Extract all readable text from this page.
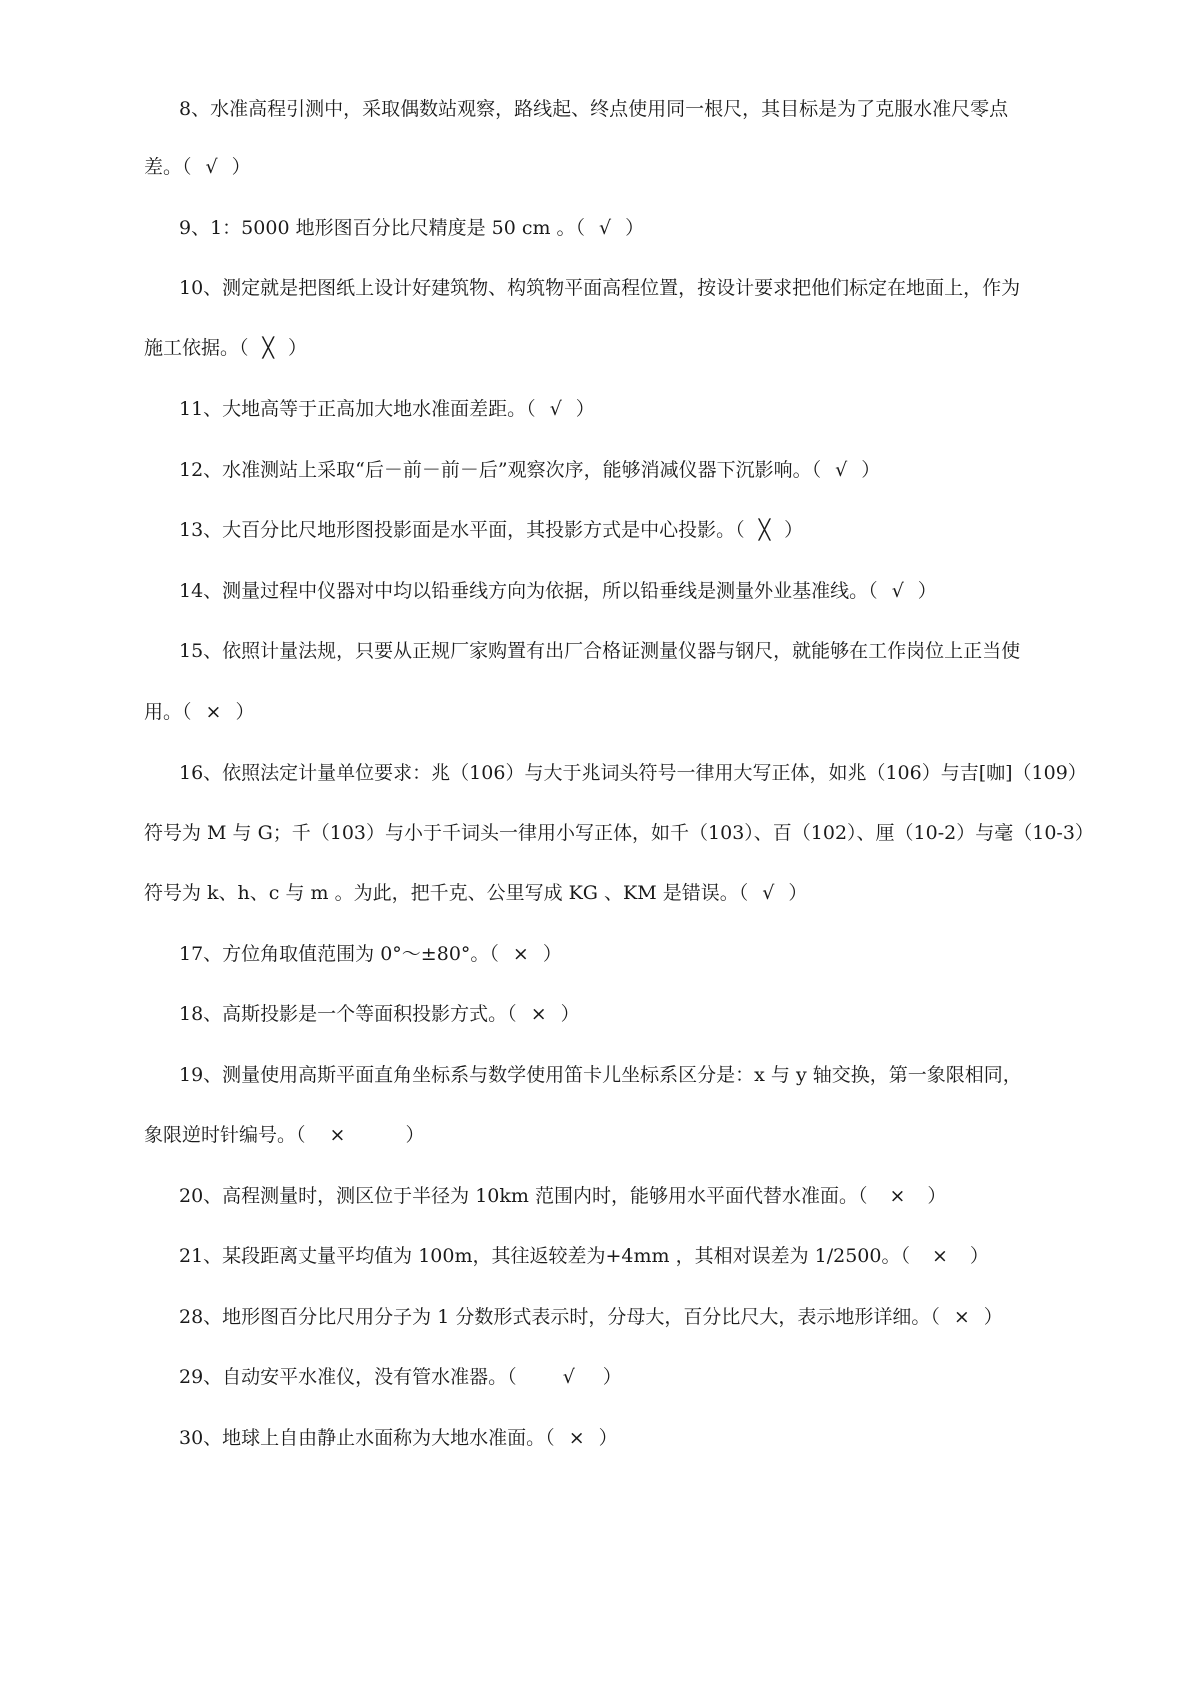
8、水准高程引测中，采取偶数站观察，路线起、终点使用同一根尺，其目标是为了克服水准尺零点
差。（ √ ）
9、1：5000 地形图百分比尺精度是 50 cm 。（ √ ）
10、测定就是把图纸上设计好建筑物、构筑物平面高程位置，按设计要求把他们标定在地面上，作为
施工依据。（ ╳ ）
11、大地高等于正高加大地水准面差距。（ √ ）
12、水准测站上采取“后－前－前－后”观察次序，能够消减仪器下沉影响。（ √ ）
13、大百分比尺地形图投影面是水平面，其投影方式是中心投影。（ ╳ ）
14、测量过程中仪器对中均以铅垂线方向为依据，所以铅垂线是测量外业基准线。（ √ ）
15、依照计量法规，只要从正规厂家购置有出厂合格证测量仪器与钢尺，就能够在工作岗位上正当使
用。（ × ）
16、依照法定计量单位要求：兆（106）与大于兆词头符号一律用大写正体，如兆（106）与吉[咖]（109）
符号为 M 与 G；千（103）与小于千词头一律用小写正体，如千（103）、百（102）、厘（10-2）与毫（10-3）
符号为 k、h、c 与 m 。为此，把千克、公里写成 KG 、KM 是错误。（ √ ）
17、方位角取值范围为 0°～±80°。（ × ）
18、高斯投影是一个等面积投影方式。（ × ）
19、测量使用高斯平面直角坐标系与数学使用笛卡儿坐标系区分是：x 与 y 轴交换，第一象限相同，
象限逆时针编号。（ ×	）
20、高程测量时，测区位于半径为 10km 范围内时，能够用水平面代替水准面。（ × ）
21、某段距离丈量平均值为 100m，其往返较差为+4mm ，其相对误差为 1/2500。（ × ）
28、地形图百分比尺用分子为 1 分数形式表示时，分母大，百分比尺大，表示地形详细。（ × ）
29、自动安平水准仪，没有管水准器。（ √ ）
30、地球上自由静止水面称为大地水准面。（ × ）
